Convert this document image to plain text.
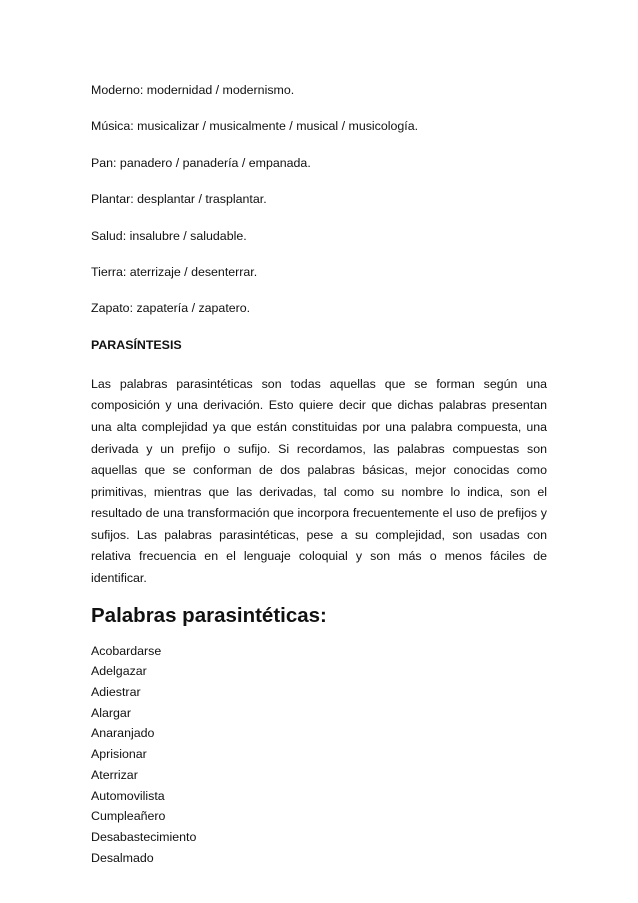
Moderno: modernidad / modernismo.

Música: musicalizar / musicalmente / musical / musicología.

Pan: panadero / panadería / empanada.

Plantar: desplantar / trasplantar.

Salud: insalubre / saludable.

Tierra: aterrizaje / desenterrar.

Zapato: zapatería / zapatero.

PARASÍNTESIS

Las palabras parasintéticas son todas aquellas que se forman según una composición y una derivación. Esto quiere decir que dichas palabras presentan una alta complejidad ya que están constituidas por una palabra compuesta, una derivada y un prefijo o sufijo. Si recordamos, las palabras compuestas son aquellas que se conforman de dos palabras básicas, mejor conocidas como primitivas, mientras que las derivadas, tal como su nombre lo indica, son el resultado de una transformación que incorpora frecuentemente el uso de prefijos y sufijos. Las palabras parasintéticas, pese a su complejidad, son usadas con relativa frecuencia en el lenguaje coloquial y son más o menos fáciles de identificar.

Palabras parasintéticas:

Acobardarse

Adelgazar

Adiestrar

Alargar

Anaranjado

Aprisionar

Aterrizar

Automovilista

Cumpleañero

Desabastecimiento

Desalmado
